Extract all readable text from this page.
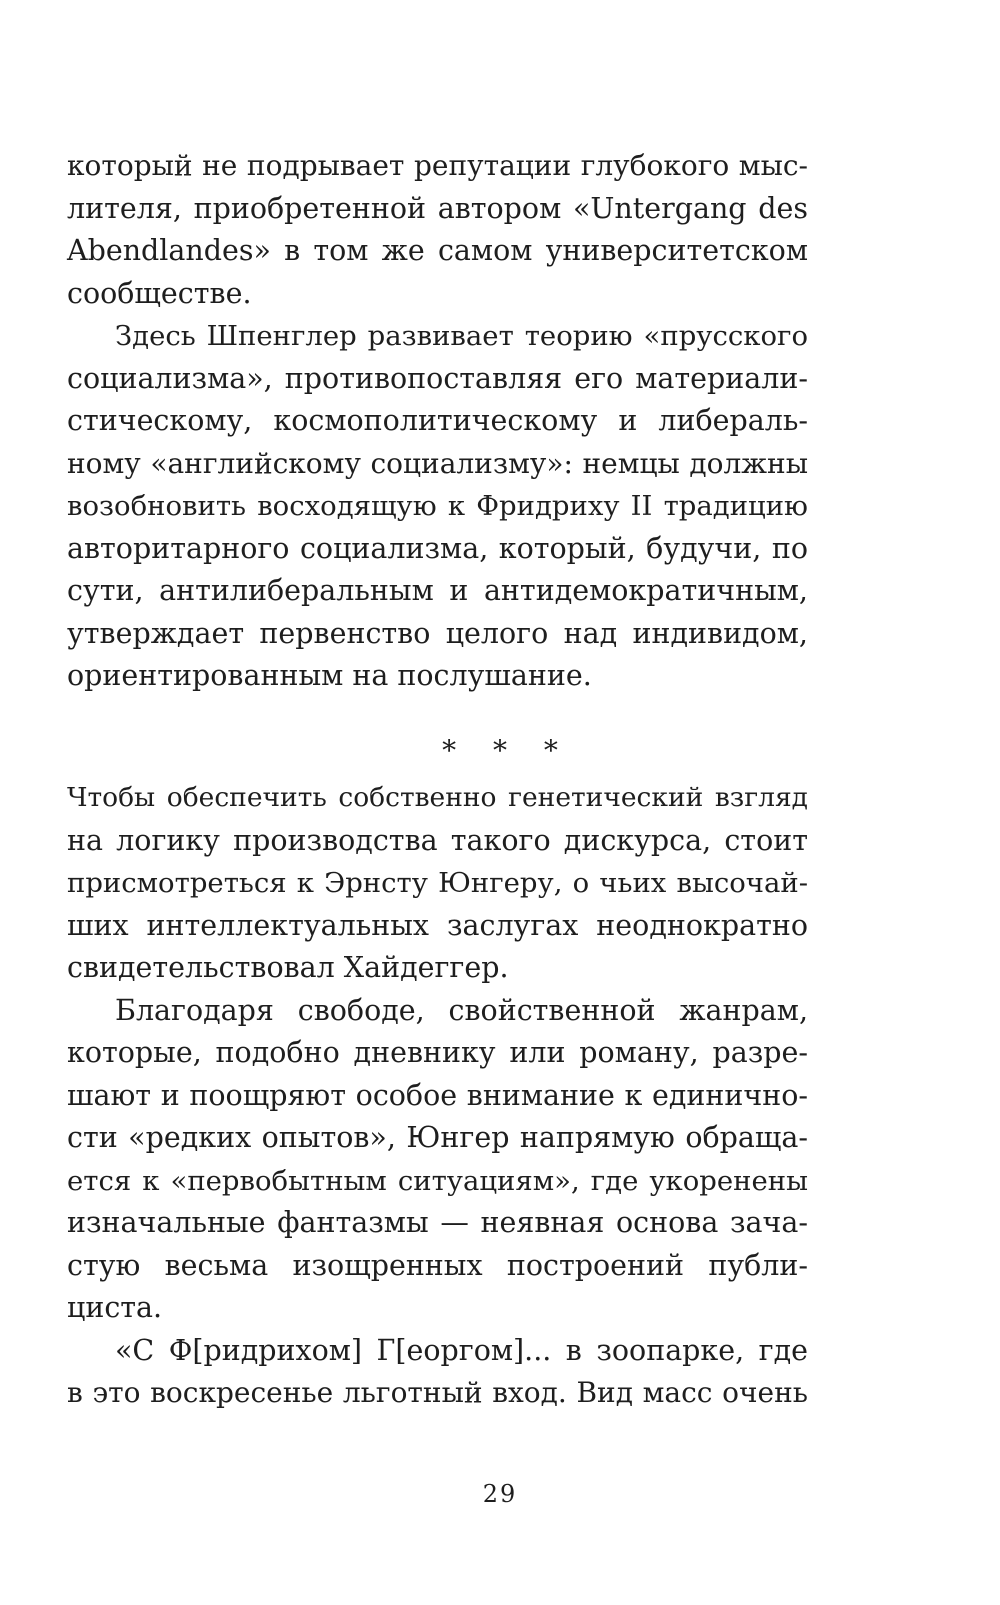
который не подрывает репутации глубокого мыс-
лителя, приобретенной автором «Untergang des
Abendlandes» в том же самом университетском
сообществе.
Здесь Шпенглер развивает теорию «прусского
социализма», противопоставляя его материали-
стическому, космополитическому и либераль-
ному «английскому социализму»: немцы должны
возобновить восходящую к Фридриху II традицию
авторитарного социализма, который, будучи, по
сути, антилиберальным и антидемократичным,
утверждает первенство целого над индивидом,
ориентированным на послушание.
* * *
Чтобы обеспечить собственно генетический взгляд
на логику производства такого дискурса, стоит
присмотреться к Эрнсту Юнгеру, о чьих высочай-
ших интеллектуальных заслугах неоднократно
свидетельствовал Хайдеггер.
Благодаря свободе, свойственной жанрам,
которые, подобно дневнику или роману, разре-
шают и поощряют особое внимание к единично-
сти «редких опытов», Юнгер напрямую обраща-
ется к «первобытным ситуациям», где укоренены
изначальные фантазмы — неявная основа зача-
стую весьма изощренных построений публи-
циста.
«С Ф[ридрихом] Г[еоргом]... в зоопарке, где
в это воскресенье льготный вход. Вид масс очень
29
